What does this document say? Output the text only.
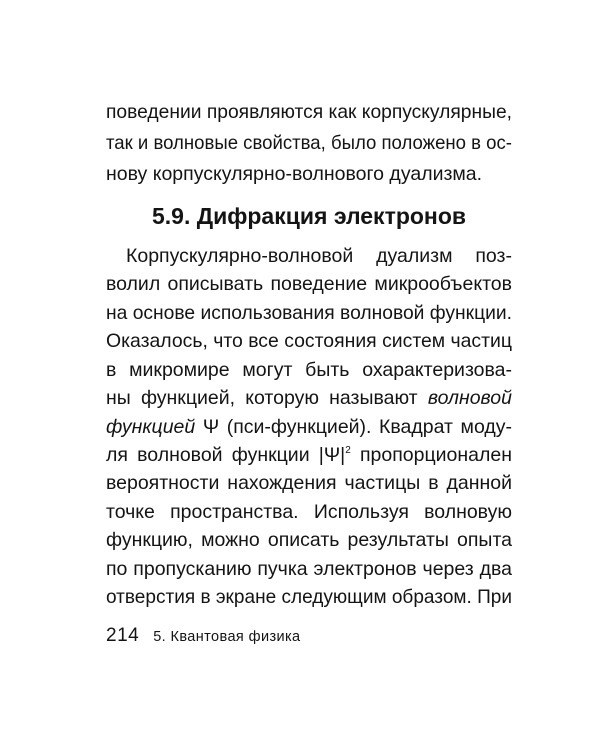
поведении проявляются как корпускулярные,
так и волновые свойства, было положено в ос-
нову корпускулярно-волнового дуализма.
5.9. Дифракция электронов
Корпускулярно-волновой дуализм поз-
волил описывать поведение микрообъектов
на основе использования волновой функции.
Оказалось, что все состояния систем частиц
в микромире могут быть охарактеризова-
ны функцией, которую называют волновой
функцией Ψ (пси-функцией). Квадрат моду-
ля волновой функции $|\Psi|^2$ пропорционален
вероятности нахождения частицы в данной
точке пространства. Используя волновую
функцию, можно описать результаты опыта
по пропусканию пучка электронов через два
отверстия в экране следующим образом. При
214 5. Квантовая физика
